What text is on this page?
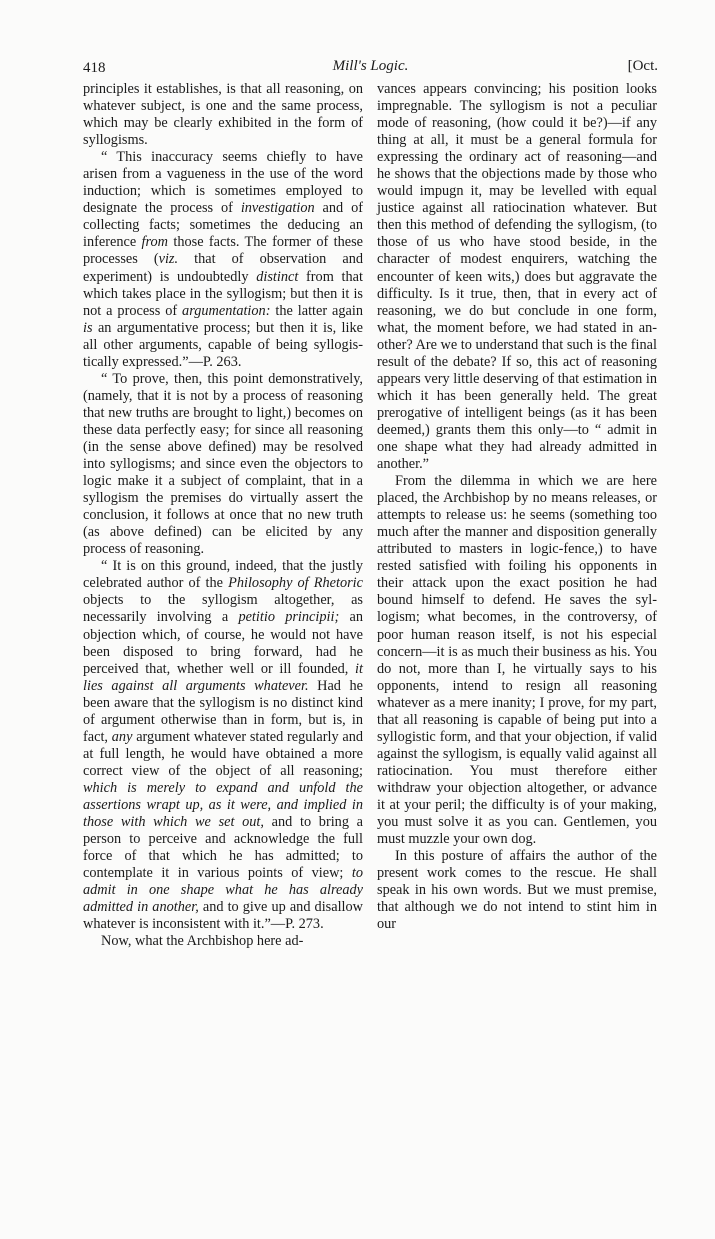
418	Mill's Logic.	[Oct.

principles it establishes, is that all reasoning, on whatever subject, is one and the same process, which may be clearly exhibited in the form of syllogisms.

“ This inaccuracy seems chiefly to have arisen from a vagueness in the use of the word induction; which is sometimes employed to designate the process of investigation and of collecting facts; sometimes the deducing an inference from those facts. The former of these processes (viz. that of observation and experiment) is undoubtedly distinct from that which takes place in the syllogism; but then it is not a process of argumentation: the latter again is an argumentative process; but then it is, like all other arguments, capable of being syllogistically expressed.”—P. 263.

“ To prove, then, this point demonstratively, (namely, that it is not by a process of reasoning that new truths are brought to light,) becomes on these data perfectly easy; for since all reasoning (in the sense above defined) may be resolved into syllogisms; and since even the objectors to logic make it a subject of complaint, that in a syllogism the premises do virtually assert the conclusion, it follows at once that no new truth (as above defined) can be elicited by any process of reasoning.

“ It is on this ground, indeed, that the justly celebrated author of the Philosophy of Rhetoric objects to the syllogism altogether, as necessarily involving a petitio principii; an objection which, of course, he would not have been disposed to bring forward, had he perceived that, whether well or ill founded, it lies against all arguments whatever. Had he been aware that the syllogism is no distinct kind of argument otherwise than in form, but is, in fact, any argument whatever stated regularly and at full length, he would have obtained a more correct view of the object of all reasoning; which is merely to expand and unfold the assertions wrapt up, as it were, and implied in those with which we set out, and to bring a person to perceive and acknowledge the full force of that which he has admitted; to contemplate it in various points of view; to admit in one shape what he has already admitted in another, and to give up and disallow whatever is inconsistent with it.”—P. 273.

Now, what the Archbishop here ad-

vances appears convincing; his position looks impregnable. The syllogism is not a peculiar mode of reasoning, (how could it be?)—if any thing at all, it must be a general formula for expressing the ordinary act of reasoning—and he shows that the objections made by those who would impugn it, may be levelled with equal justice against all ratiocination whatever. But then this method of defending the syllogism, (to those of us who have stood beside, in the character of modest enquirers, watching the encounter of keen wits,) does but aggravate the difficulty. Is it true, then, that in every act of reasoning, we do but conclude in one form, what, the moment before, we had stated in another? Are we to understand that such is the final result of the debate? If so, this act of reasoning appears very little deserving of that estimation in which it has been generally held. The great prerogative of intelligent beings (as it has been deemed,) grants them this only—to “ admit in one shape what they had already admitted in another.”

From the dilemma in which we are here placed, the Archbishop by no means releases, or attempts to release us: he seems (something too much after the manner and disposition generally attributed to masters in logic-fence,) to have rested satisfied with foiling his opponents in their attack upon the exact position he had bound himself to defend. He saves the syllogism; what becomes, in the controversy, of poor human reason itself, is not his especial concern—it is as much their business as his. You do not, more than I, he virtually says to his opponents, intend to resign all reasoning whatever as a mere inanity; I prove, for my part, that all reasoning is capable of being put into a syllogistic form, and that your objection, if valid against the syllogism, is equally valid against all ratiocination. You must therefore either withdraw your objection altogether, or advance it at your peril; the difficulty is of your making, you must solve it as you can. Gentlemen, you must muzzle your own dog.

In this posture of affairs the author of the present work comes to the rescue. He shall speak in his own words. But we must premise, that although we do not intend to stint him in our
